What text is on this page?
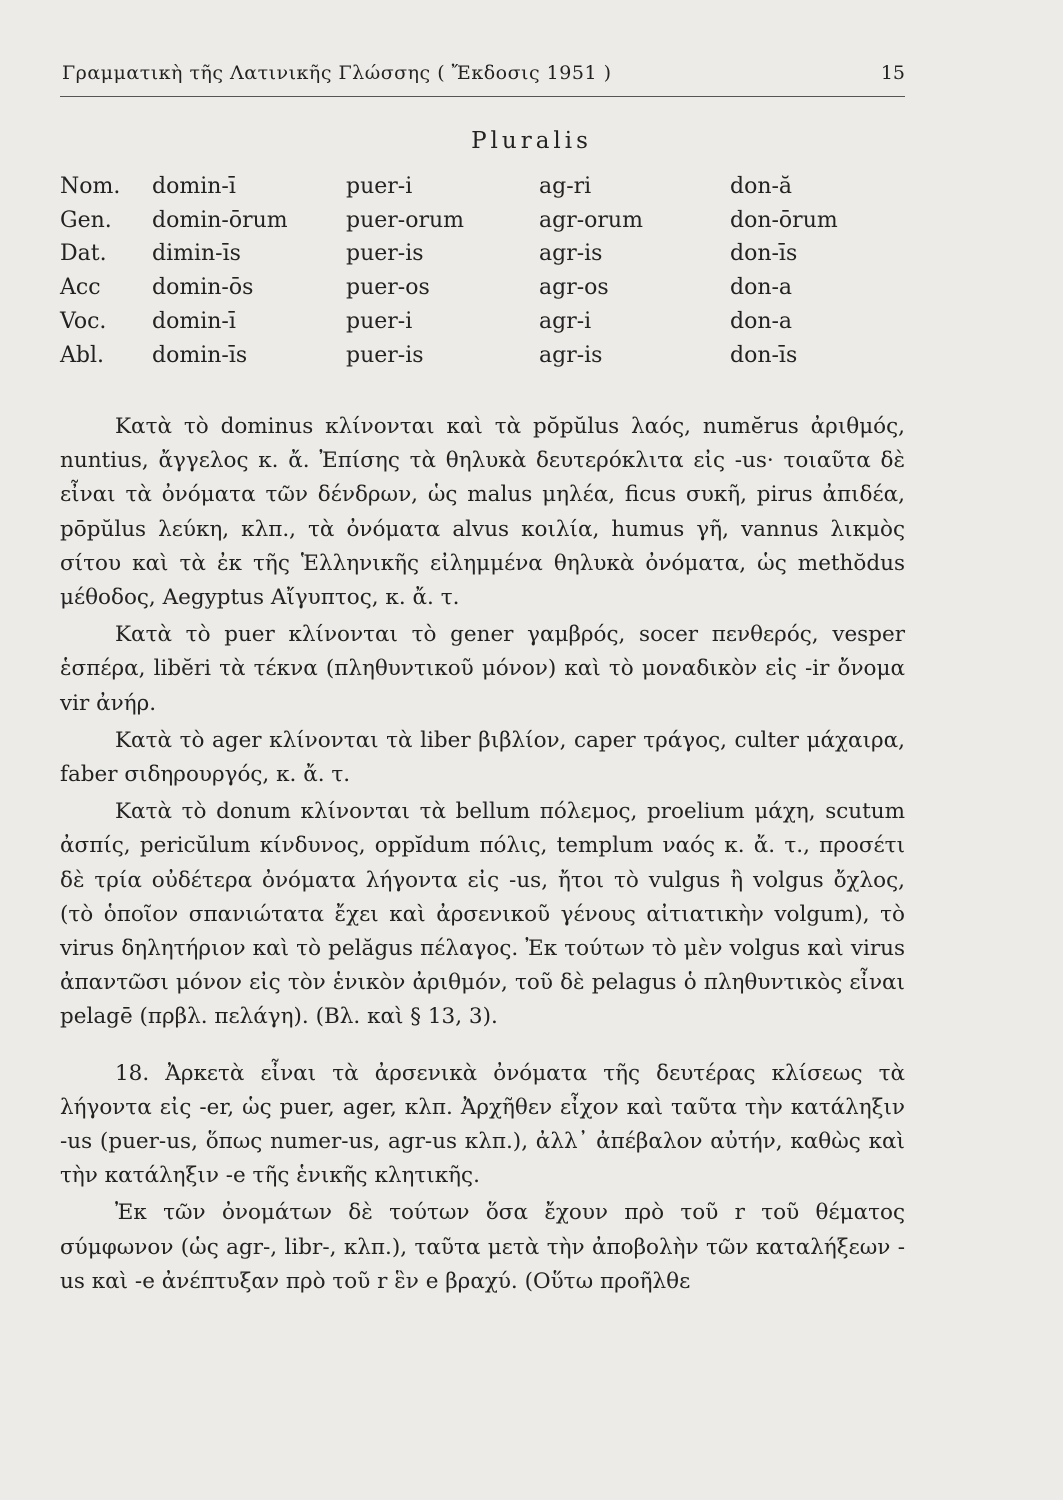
Γραμματικὴ τῆς Λατινικῆς Γλώσσης ( Ἔκδοσις 1951 )	15
Pluralis
Nom.	domin-ī	puer-i	ag-ri	don-ă
Gen.	domin-ōrum	puer-orum	agr-orum	don-ōrum
Dat.	dimin-īs	puer-is	agr-is	don-īs
Acc	domin-ōs	puer-os	agr-os	don-a
Voc.	domin-ī	puer-i	agr-i	don-a
Abl.	domin-īs	puer-is	agr-is	don-īs

Κατὰ τὸ dominus κλίνονται καὶ τὰ pŏpŭlus λαός, numĕrus ἀριθμός, nuntius, ἄγγελος κ. ἄ. Ἐπίσης τὰ θηλυκὰ δευτερόκλιτα εἰς -us· τοιαῦτα δὲ εἶναι τὰ ὀνόματα τῶν δένδρων, ὡς malus μηλέα, ficus συκῆ, pirus ἀπιδέα, pōpŭlus λεύκη, κλπ., τὰ ὀνόματα alvus κοιλία, humus γῆ, vannus λικμὸς σίτου καὶ τὰ ἐκ τῆς Ἑλληνικῆς εἰλημμένα θηλυκὰ ὀνόματα, ὡς methŏdus μέθοδος, Aegyptus Αἴγυπτος, κ. ἄ. τ.

Κατὰ τὸ puer κλίνονται τὸ gener γαμβρός, socer πενθερός, vesper ἑσπέρα, libĕri τὰ τέκνα (πληθυντικοῦ μόνον) καὶ τὸ μοναδικὸν εἰς -ir ὄνομα vir ἀνήρ.

Κατὰ τὸ ager κλίνονται τὰ liber βιβλίον, caper τράγος, culter μάχαιρα, faber σιδηρουργός, κ. ἄ. τ.

Κατὰ τὸ donum κλίνονται τὰ bellum πόλεμος, proelium μάχη, scutum ἀσπίς, pericŭlum κίνδυνος, oppĭdum πόλις, templum ναός κ. ἄ. τ., προσέτι δὲ τρία οὐδέτερα ὀνόματα λήγοντα εἰς -us, ἤτοι τὸ vulgus ἢ volgus ὄχλος, (τὸ ὁποῖον σπανιώτατα ἔχει καὶ ἀρσενικοῦ γένους αἰτιατικὴν volgum), τὸ virus δηλητήριον καὶ τὸ pelăgus πέλαγος. Ἐκ τούτων τὸ μὲν volgus καὶ virus ἀπαντῶσι μόνον εἰς τὸν ἑνικὸν ἀριθμόν, τοῦ δὲ pelagus ὁ πληθυντικὸς εἶναι pelagē (πρβλ. πελάγη). (Βλ. καὶ § 13, 3).

18. Ἀρκετὰ εἶναι τὰ ἀρσενικὰ ὀνόματα τῆς δευτέρας κλίσεως τὰ λήγοντα εἰς -er, ὡς puer, ager, κλπ. Ἀρχῆθεν εἶχον καὶ ταῦτα τὴν κατάληξιν -us (puer-us, ὅπως numer-us, agr-us κλπ.), ἀλλ᾿ ἀπέβαλον αὐτήν, καθὼς καὶ τὴν κατάληξιν -e τῆς ἑνικῆς κλητικῆς.

Ἐκ τῶν ὀνομάτων δὲ τούτων ὅσα ἔχουν πρὸ τοῦ r τοῦ θέματος σύμφωνον (ὡς agr-, libr-, κλπ.), ταῦτα μετὰ τὴν ἀποβολὴν τῶν καταλήξεων -us καὶ -e ἀνέπτυξαν πρὸ τοῦ r ἓν e βραχύ. (Οὕτω προῆλθε
